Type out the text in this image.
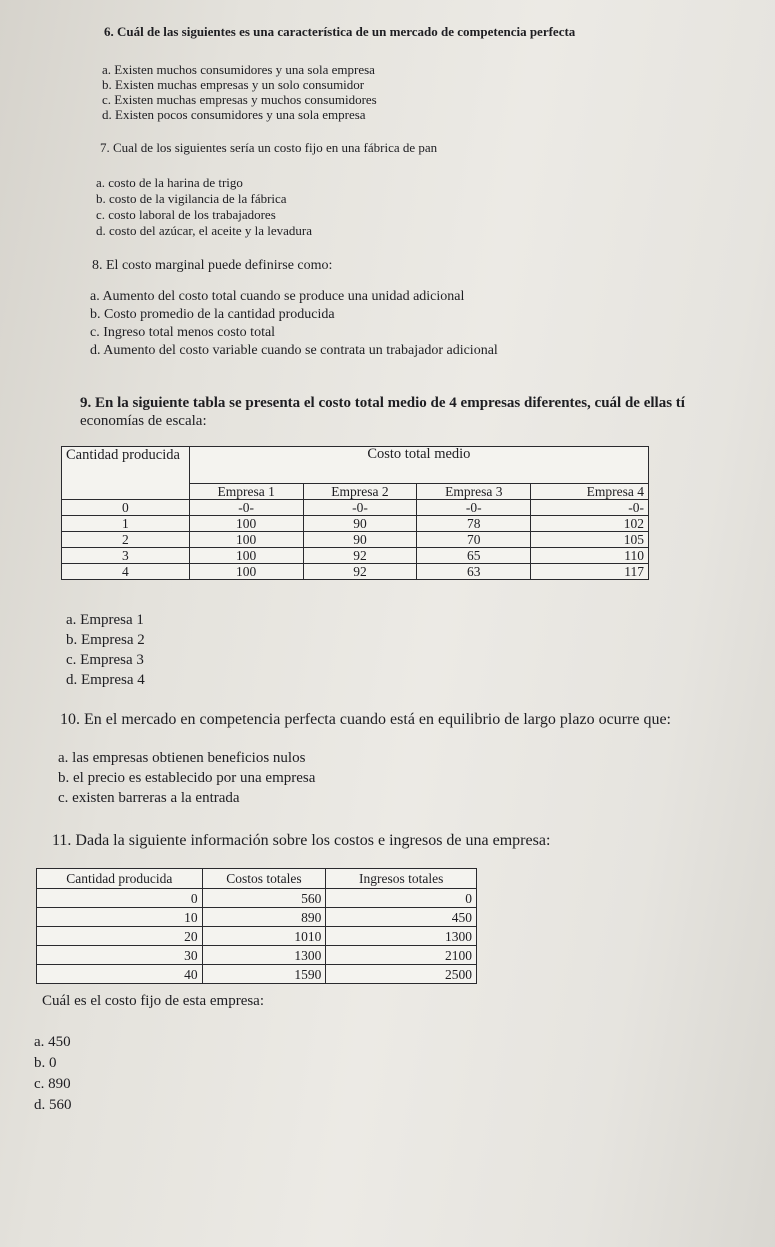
6. Cuál de las siguientes es una característica de un mercado de competencia perfecta
a. Existen muchos consumidores y una sola empresa
b. Existen muchas empresas y un solo consumidor
c. Existen muchas empresas y muchos consumidores
d. Existen pocos consumidores y una sola empresa
7. Cual de los siguientes sería un costo fijo en una fábrica de pan
a. costo de la harina de trigo
b. costo de la vigilancia de la fábrica
c. costo laboral de los trabajadores
d. costo del azúcar, el aceite y la levadura
8. El costo marginal puede definirse como:
a. Aumento del costo total cuando se produce una unidad adicional
b. Costo promedio de la cantidad producida
c. Ingreso total menos costo total
d. Aumento del costo variable cuando se contrata un trabajador adicional
9. En la siguiente tabla se presenta el costo total medio de 4 empresas diferentes, cuál de ellas tí
economías de escala:
Cantidad producida	Costo total medio			
	Empresa 1	Empresa 2	Empresa 3	Empresa 4
0	-0-	-0-	-0-	-0-
1	100	90	78	102
2	100	90	70	105
3	100	92	65	110
4	100	92	63	117
a. Empresa 1
b. Empresa 2
c. Empresa 3
d. Empresa 4
10. En el mercado en competencia perfecta cuando está en equilibrio de largo plazo ocurre que:
a. las empresas obtienen beneficios nulos
b. el precio es establecido por una empresa
c. existen barreras a la entrada
11. Dada la siguiente información sobre los costos e ingresos de una empresa:
Cantidad producida	Costos totales	Ingresos totales
0	560	0
10	890	450
20	1010	1300
30	1300	2100
40	1590	2500
Cuál es el costo fijo de esta empresa:
a. 450
b. 0
c. 890
d. 560
